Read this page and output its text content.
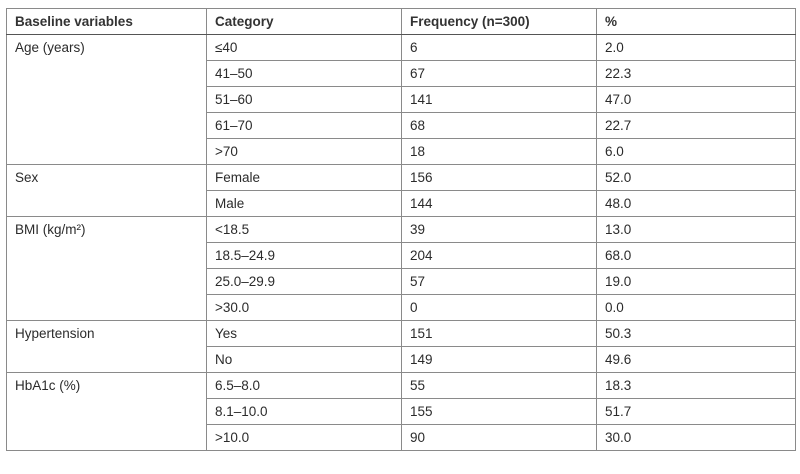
Baseline variables	Category	Frequency (n=300)	%
Age (years)	≤40	6	2.0
	41–50	67	22.3
	51–60	141	47.0
	61–70	68	22.7
	>70	18	6.0
Sex	Female	156	52.0
	Male	144	48.0
BMI (kg/m²)	<18.5	39	13.0
	18.5–24.9	204	68.0
	25.0–29.9	57	19.0
	>30.0	0	0.0
Hypertension	Yes	151	50.3
	No	149	49.6
HbA1c (%)	6.5–8.0	55	18.3
	8.1–10.0	155	51.7
	>10.0	90	30.0
